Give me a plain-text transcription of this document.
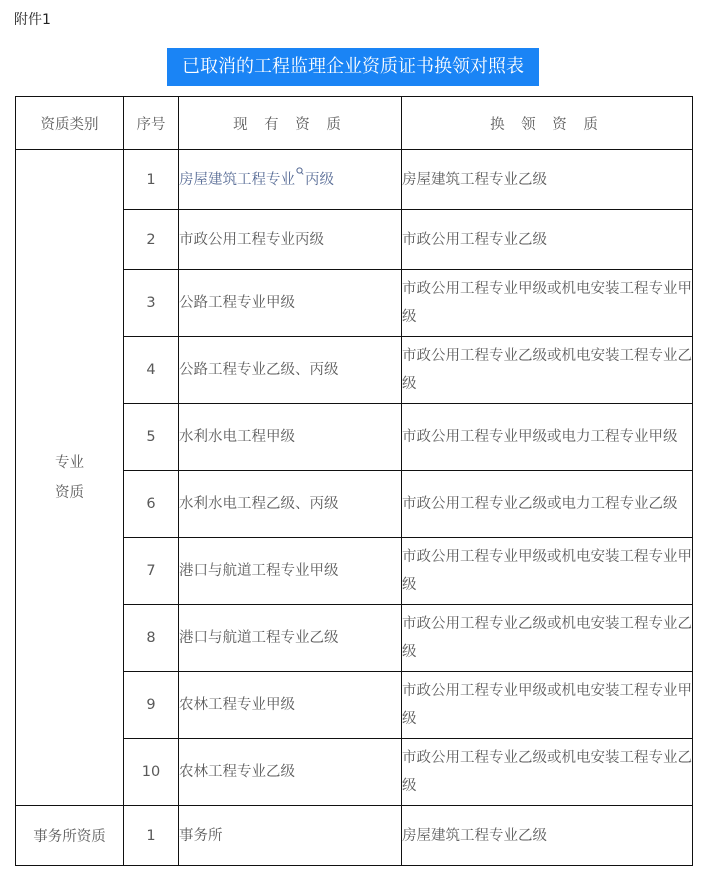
附件1
已取消的工程监理企业资质证书换领对照表
资质类别	序号	现 有 资 质	换 领 资 质

专业
资质
	1	房屋建筑工程专业 丙级	房屋建筑工程专业乙级
	2	市政公用工程专业丙级	市政公用工程专业乙级
	3	公路工程专业甲级	市政公用工程专业甲级或机电安装工程专业甲级
	4	公路工程专业乙级、丙级	市政公用工程专业乙级或机电安装工程专业乙级
	5	水利水电工程甲级	市政公用工程专业甲级或电力工程专业甲级
	6	水利水电工程乙级、丙级	市政公用工程专业乙级或电力工程专业乙级
	7	港口与航道工程专业甲级	市政公用工程专业甲级或机电安装工程专业甲级
	8	港口与航道工程专业乙级	市政公用工程专业乙级或机电安装工程专业乙级
	9	农林工程专业甲级	市政公用工程专业甲级或机电安装工程专业甲级
	10	农林工程专业乙级	市政公用工程专业乙级或机电安装工程专业乙级
事务所资质	1	事务所	房屋建筑工程专业乙级
